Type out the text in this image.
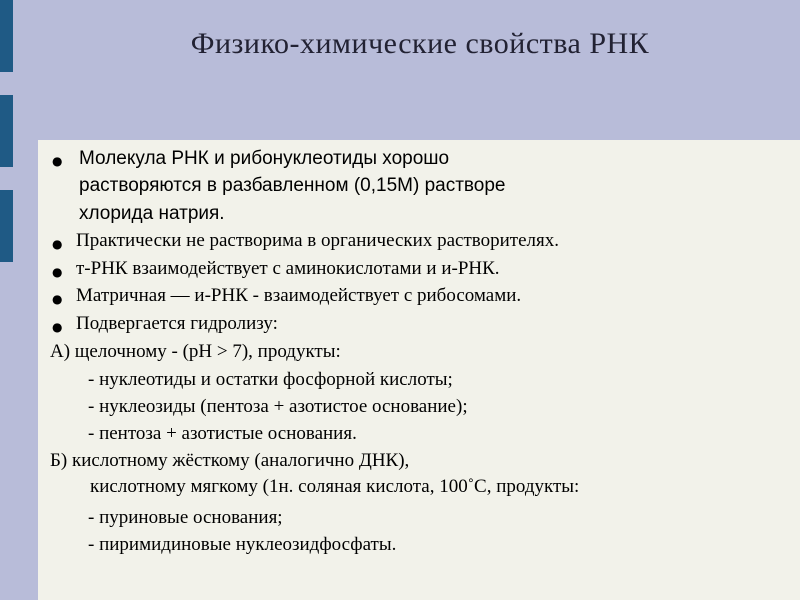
Физико-химические свойства РНК
● Молекула РНК и рибонуклеотиды хорошо
растворяются в разбавленном (0,15М) растворе
хлорида натрия.
● Практически не растворима в органических растворителях.
● т-РНК взаимодействует с аминокислотами и и-РНК.
● Матричная — и-РНК - взаимодействует с рибосомами.
● Подвергается гидролизу:
А) щелочному - (рН > 7), продукты:
- нуклеотиды и остатки фосфорной кислоты;
- нуклеозиды (пентоза + азотистое основание);
- пентоза + азотистые основания.
Б) кислотному жёсткому (аналогично ДНК),
кислотному мягкому (1н. соляная кислота, 100˚С, продукты:
- пуриновые основания;
- пиримидиновые нуклеозидфосфаты.
